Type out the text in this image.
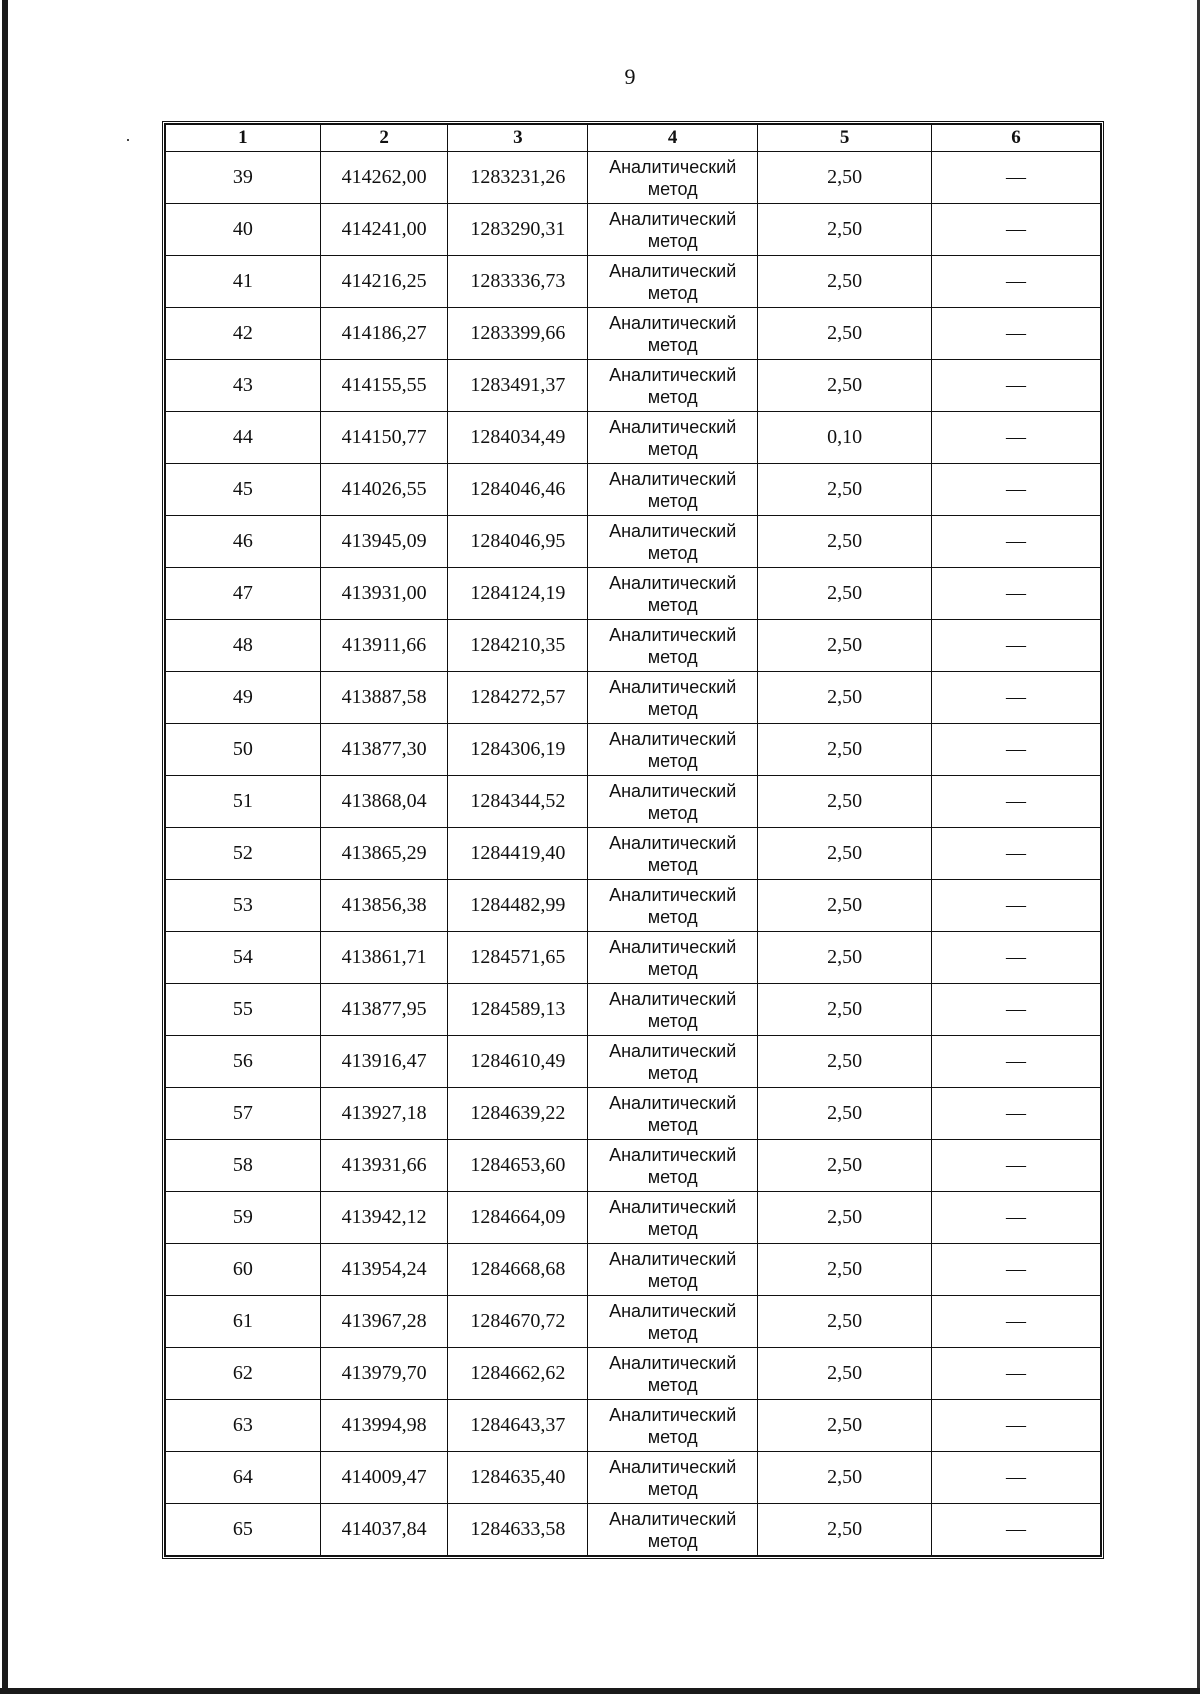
9
1	2	3	4	5	6
39	414262,00	1283231,26	Аналитический метод	2,50	—
40	414241,00	1283290,31	Аналитический метод	2,50	—
41	414216,25	1283336,73	Аналитический метод	2,50	—
42	414186,27	1283399,66	Аналитический метод	2,50	—
43	414155,55	1283491,37	Аналитический метод	2,50	—
44	414150,77	1284034,49	Аналитический метод	0,10	—
45	414026,55	1284046,46	Аналитический метод	2,50	—
46	413945,09	1284046,95	Аналитический метод	2,50	—
47	413931,00	1284124,19	Аналитический метод	2,50	—
48	413911,66	1284210,35	Аналитический метод	2,50	—
49	413887,58	1284272,57	Аналитический метод	2,50	—
50	413877,30	1284306,19	Аналитический метод	2,50	—
51	413868,04	1284344,52	Аналитический метод	2,50	—
52	413865,29	1284419,40	Аналитический метод	2,50	—
53	413856,38	1284482,99	Аналитический метод	2,50	—
54	413861,71	1284571,65	Аналитический метод	2,50	—
55	413877,95	1284589,13	Аналитический метод	2,50	—
56	413916,47	1284610,49	Аналитический метод	2,50	—
57	413927,18	1284639,22	Аналитический метод	2,50	—
58	413931,66	1284653,60	Аналитический метод	2,50	—
59	413942,12	1284664,09	Аналитический метод	2,50	—
60	413954,24	1284668,68	Аналитический метод	2,50	—
61	413967,28	1284670,72	Аналитический метод	2,50	—
62	413979,70	1284662,62	Аналитический метод	2,50	—
63	413994,98	1284643,37	Аналитический метод	2,50	—
64	414009,47	1284635,40	Аналитический метод	2,50	—
65	414037,84	1284633,58	Аналитический метод	2,50	—
